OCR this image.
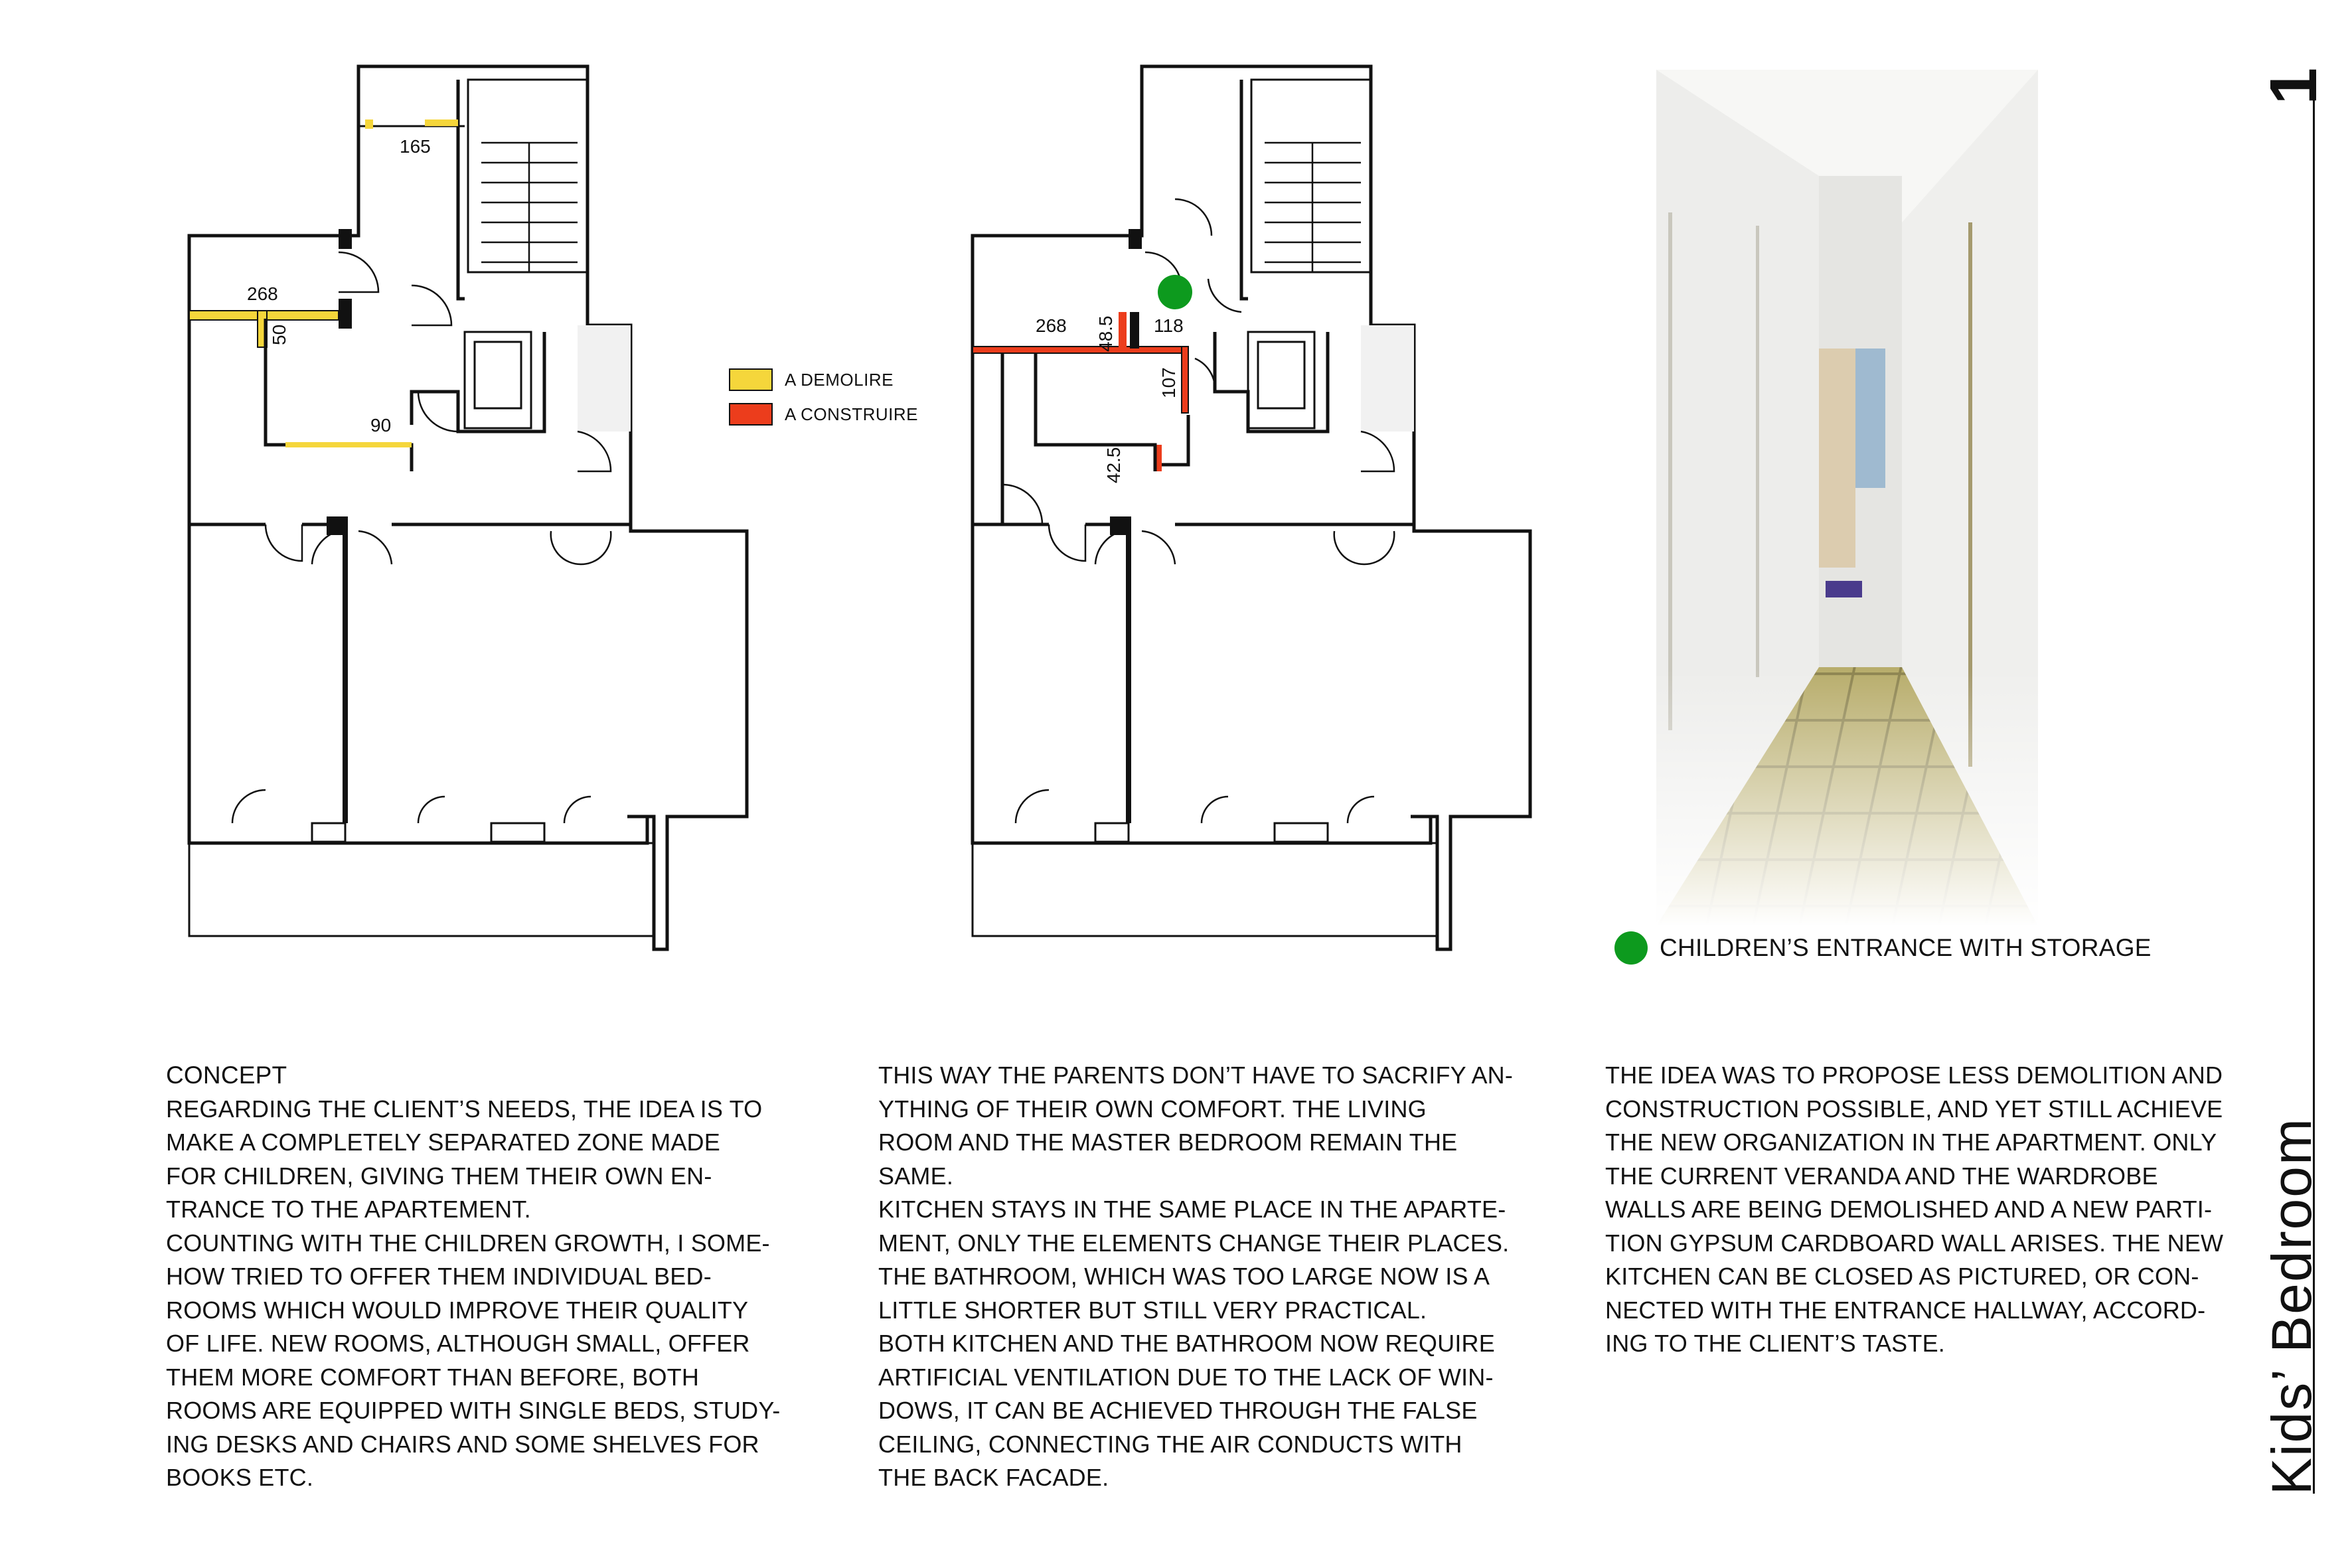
165
268
50
90
A DEMOLIRE
A CONSTRUIRE
268	118
48.5
107
42.5
CHILDREN’S ENTRANCE WITH STORAGE

CONCEPT

REGARDING THE CLIENT’S NEEDS, THE IDEA IS TO

MAKE A COMPLETELY SEPARATED ZONE MADE

FOR CHILDREN, GIVING THEM THEIR OWN EN-

TRANCE TO THE APARTEMENT.

COUNTING WITH THE CHILDREN GROWTH, I SOME-

HOW TRIED TO OFFER THEM INDIVIDUAL BED-

ROOMS WHICH WOULD IMPROVE THEIR QUALITY

OF LIFE. NEW ROOMS, ALTHOUGH SMALL, OFFER

THEM MORE COMFORT THAN BEFORE, BOTH

ROOMS ARE EQUIPPED WITH SINGLE BEDS, STUDY-

ING DESKS AND CHAIRS AND SOME SHELVES FOR

BOOKS ETC.

THIS WAY THE PARENTS DON’T HAVE TO SACRIFY AN-

YTHING OF THEIR OWN COMFORT. THE LIVING

ROOM AND THE MASTER BEDROOM REMAIN THE

SAME.

KITCHEN STAYS IN THE SAME PLACE IN THE APARTE-

MENT, ONLY THE ELEMENTS CHANGE THEIR PLACES.

THE BATHROOM, WHICH WAS TOO LARGE NOW IS A

LITTLE SHORTER BUT STILL VERY PRACTICAL.

BOTH KITCHEN AND THE BATHROOM NOW REQUIRE

ARTIFICIAL VENTILATION DUE TO THE LACK OF WIN-

DOWS, IT CAN BE ACHIEVED THROUGH THE FALSE

CEILING, CONNECTING THE AIR CONDUCTS WITH

THE BACK FACADE.

THE IDEA WAS TO PROPOSE LESS DEMOLITION AND

CONSTRUCTION POSSIBLE, AND YET STILL ACHIEVE

THE NEW ORGANIZATION IN THE APARTMENT. ONLY

THE CURRENT VERANDA AND THE WARDROBE

WALLS ARE BEING DEMOLISHED AND A NEW PARTI-

TION GYPSUM CARDBOARD WALL ARISES. THE NEW

KITCHEN CAN BE CLOSED AS PICTURED, OR CON-

NECTED WITH THE ENTRANCE HALLWAY, ACCORD-

ING TO THE CLIENT’S TASTE.

1
Kids’ Bedroom
